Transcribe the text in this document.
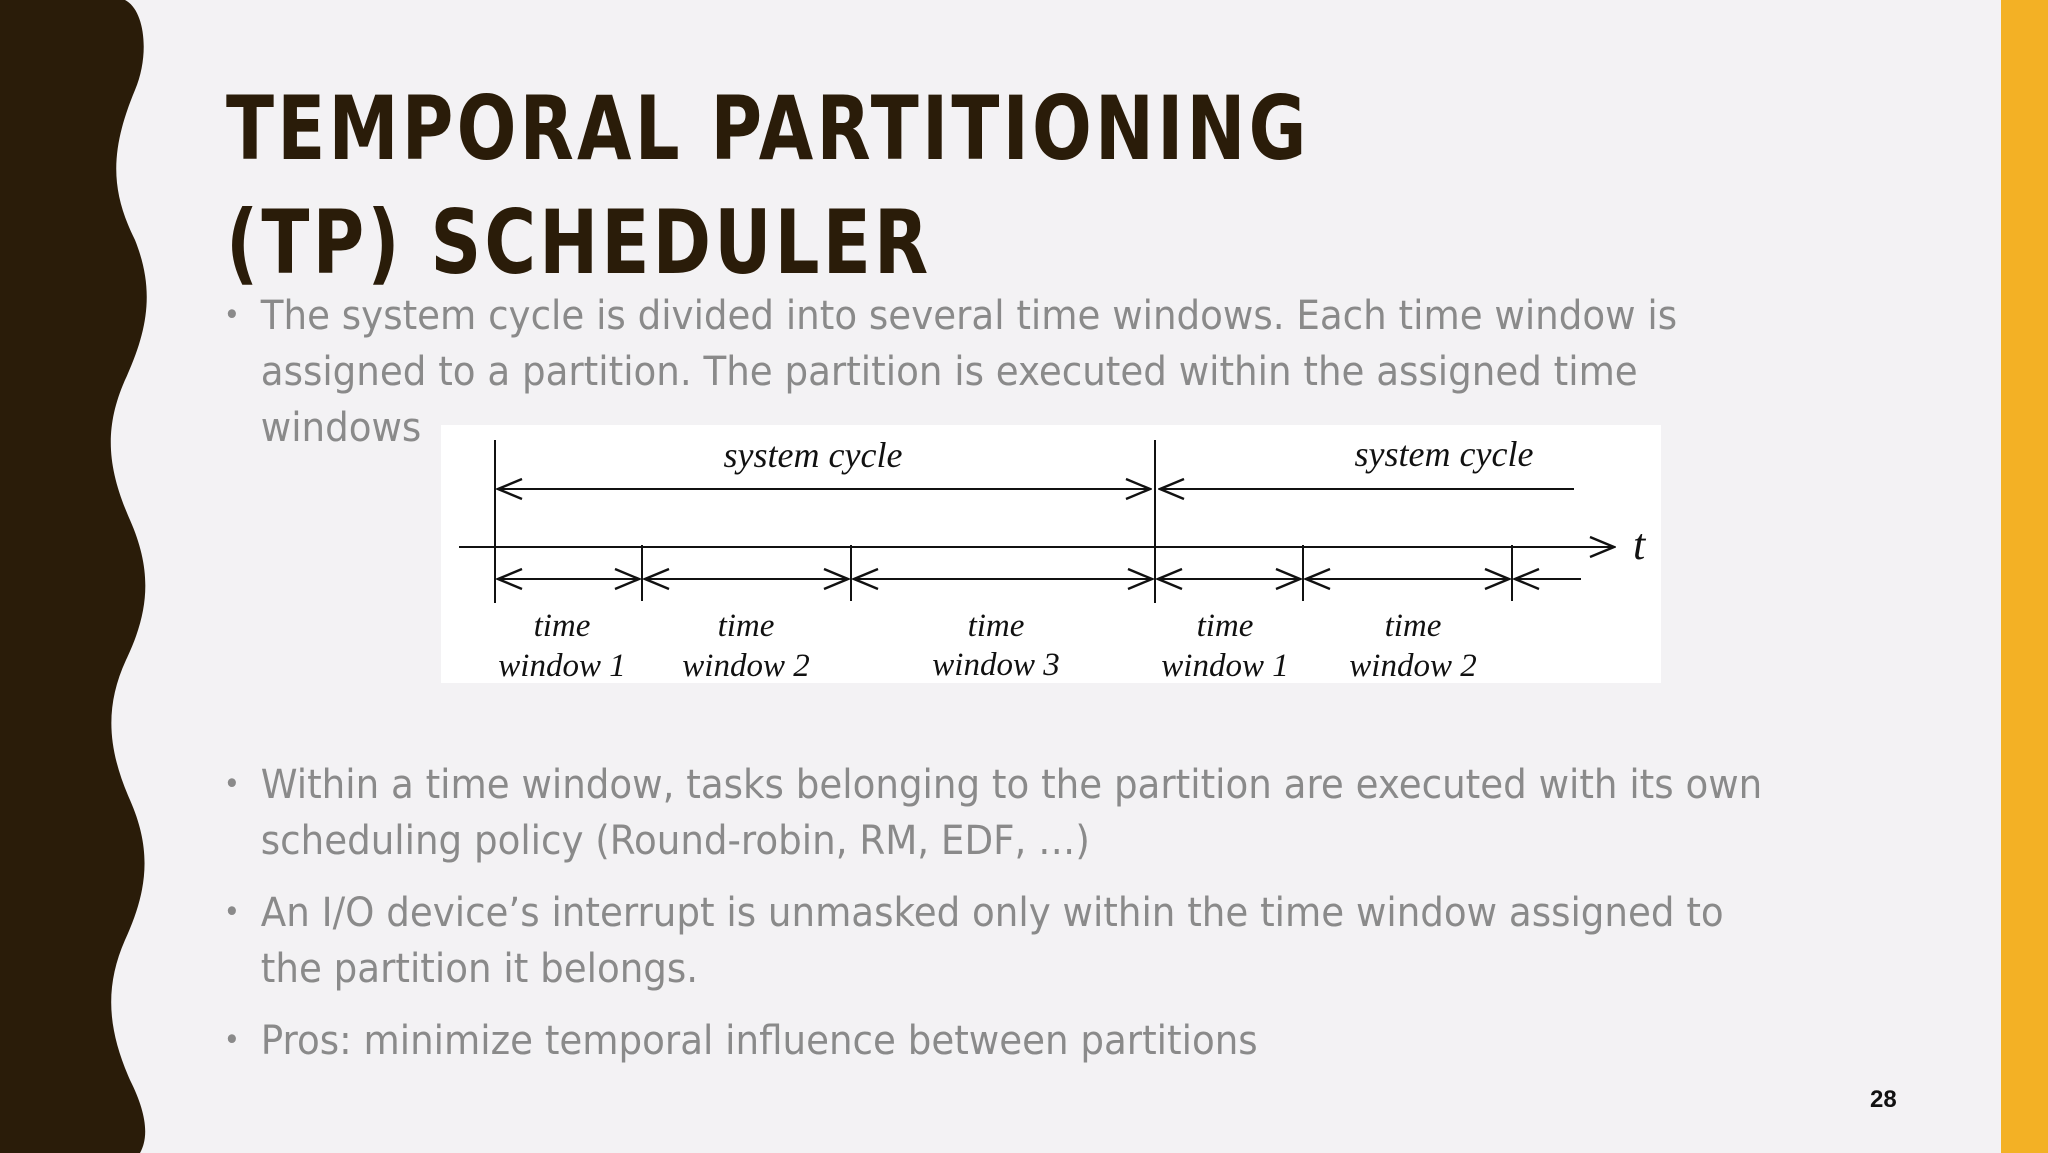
TEMPORAL PARTITIONING (TP) SCHEDULER
• The system cycle is divided into several time windows. Each time window is assigned to a partition. The partition is executed within the assigned time windows
system cycle	system cycle
t
time
window 1
time
window 2
time
window 3
time
window 1
time
window 2
• Within a time window, tasks belonging to the partition are executed with its own scheduling policy (Round-robin, RM, EDF, …)
• An I/O device’s interrupt is unmasked only within the time window assigned to the partition it belongs.
• Pros: minimize temporal influence between partitions
28
